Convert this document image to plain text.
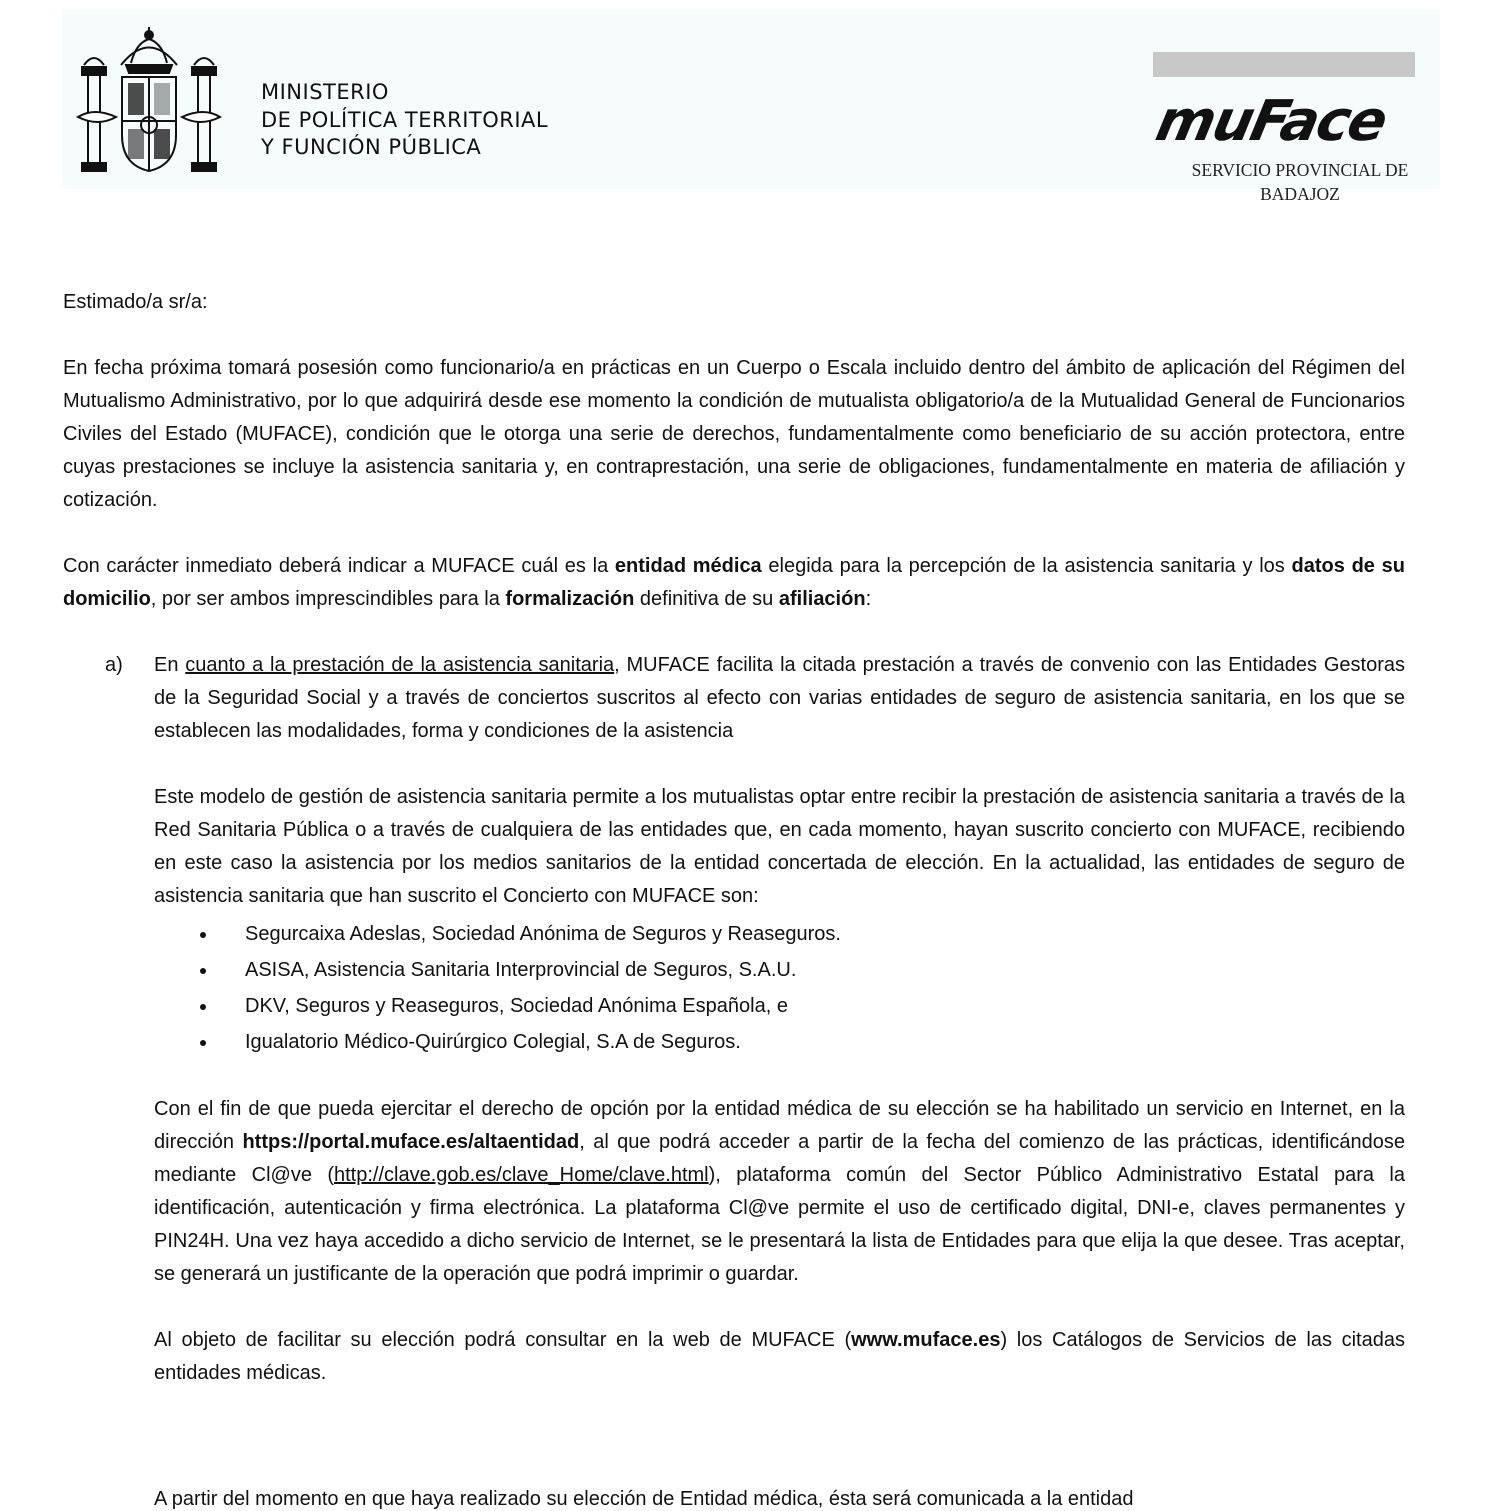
MINISTERIO
DE POLÍTICA TERRITORIAL
Y FUNCIÓN PÚBLICA	muFace
SERVICIO PROVINCIAL DE
BADAJOZ

Estimado/a sr/a:

En fecha próxima tomará posesión como funcionario/a en prácticas en un Cuerpo o Escala incluido dentro del ámbito de aplicación del Régimen del Mutualismo Administrativo, por lo que adquirirá desde ese momento la condición de mutualista obligatorio/a de la Mutualidad General de Funcionarios Civiles del Estado (MUFACE), condición que le otorga una serie de derechos, fundamentalmente como beneficiario de su acción protectora, entre cuyas prestaciones se incluye la asistencia sanitaria y, en contraprestación, una serie de obligaciones, fundamentalmente en materia de afiliación y cotización.

Con carácter inmediato deberá indicar a MUFACE cuál es la entidad médica elegida para la percepción de la asistencia sanitaria y los datos de su domicilio, por ser ambos imprescindibles para la formalización definitiva de su afiliación:

a) En cuanto a la prestación de la asistencia sanitaria, MUFACE facilita la citada prestación a través de convenio con las Entidades Gestoras de la Seguridad Social y a través de conciertos suscritos al efecto con varias entidades de seguro de asistencia sanitaria, en los que se establecen las modalidades, forma y condiciones de la asistencia

Este modelo de gestión de asistencia sanitaria permite a los mutualistas optar entre recibir la prestación de asistencia sanitaria a través de la Red Sanitaria Pública o a través de cualquiera de las entidades que, en cada momento, hayan suscrito concierto con MUFACE, recibiendo en este caso la asistencia por los medios sanitarios de la entidad concertada de elección. En la actualidad, las entidades de seguro de asistencia sanitaria que han suscrito el Concierto con MUFACE son:

Segurcaixa Adeslas, Sociedad Anónima de Seguros y Reaseguros.
ASISA, Asistencia Sanitaria Interprovincial de Seguros, S.A.U.
DKV, Seguros y Reaseguros, Sociedad Anónima Española, e
Igualatorio Médico-Quirúrgico Colegial, S.A de Seguros.

Con el fin de que pueda ejercitar el derecho de opción por la entidad médica de su elección se ha habilitado un servicio en Internet, en la dirección https://portal.muface.es/altaentidad, al que podrá acceder a partir de la fecha del comienzo de las prácticas, identificándose mediante Cl@ve (http://clave.gob.es/clave_Home/clave.html), plataforma común del Sector Público Administrativo Estatal para la identificación, autenticación y firma electrónica. La plataforma Cl@ve permite el uso de certificado digital, DNI-e, claves permanentes y PIN24H. Una vez haya accedido a dicho servicio de Internet, se le presentará la lista de Entidades para que elija la que desee. Tras aceptar, se generará un justificante de la operación que podrá imprimir o guardar.

Al objeto de facilitar su elección podrá consultar en la web de MUFACE (www.muface.es) los Catálogos de Servicios de las citadas entidades médicas.

A partir del momento en que haya realizado su elección de Entidad médica, ésta será comunicada a la entidad
